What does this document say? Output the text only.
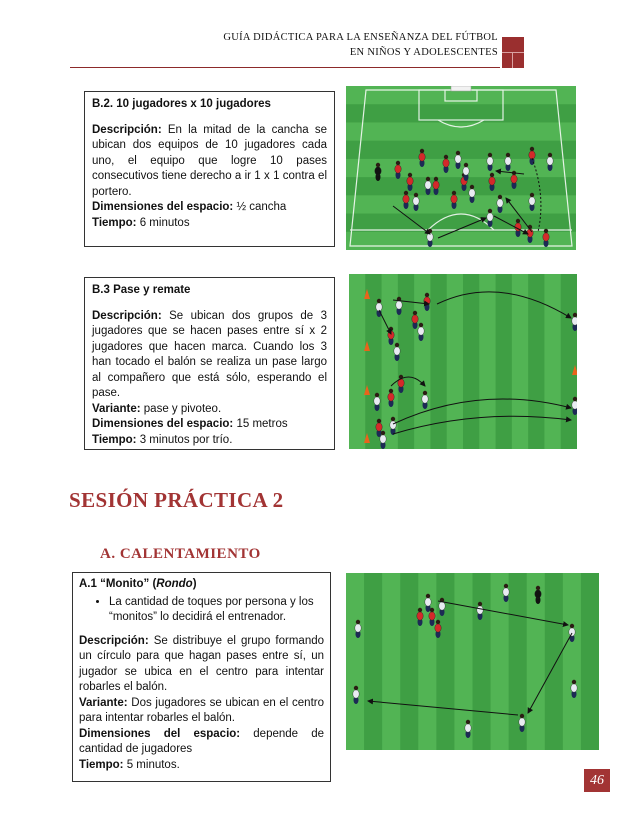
GUÍA DIDÁCTICA PARA LA ENSEÑANZA DEL FÚTBOL
EN NIÑOS Y ADOLESCENTES
B.2. 10 jugadores x 10 jugadores

Descripción: En la mitad de la cancha se ubican dos equipos de 10 jugadores cada uno, el equipo que logre 10 pases consecutivos tiene derecho a ir 1 x 1 contra el portero.

Dimensiones del espacio: ½ cancha

Tiempo: 6 minutos

B.3 Pase y remate

Descripción: Se ubican dos grupos de 3 jugadores que se hacen pases entre sí x 2 jugadores que hacen marca. Cuando los 3 han tocado el balón se realiza un pase largo al compañero que está sólo, esperando el pase.

Variante: pase y pivoteo.

Dimensiones del espacio: 15 metros

Tiempo: 3 minutos por trío.

SESIÓN PRÁCTICA 2
A. CALENTAMIENTO
A.1 “Monito” (Rondo)
• La cantidad de toques por persona y los “monitos” lo decidirá el entrenador.

Descripción: Se distribuye el grupo formando un círculo para que hagan pases entre sí, un jugador se ubica en el centro para intentar robarles el balón.

Variante: Dos jugadores se ubican en el centro para intentar robarles el balón.

Dimensiones del espacio: depende de cantidad de jugadores

Tiempo: 5 minutos.

46
